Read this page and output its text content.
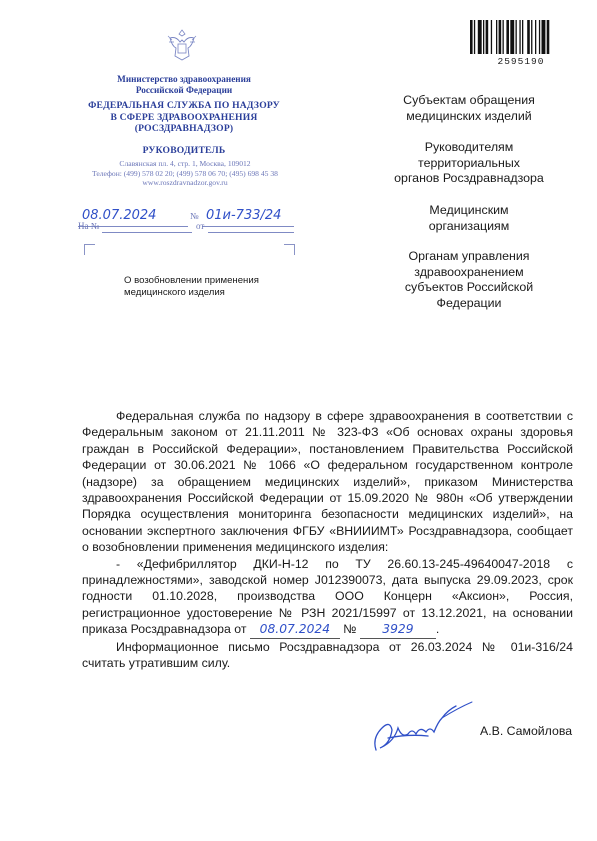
2595190
Министерство здравоохранения
Российской Федерации
ФЕДЕРАЛЬНАЯ СЛУЖБА ПО НАДЗОРУ
В СФЕРЕ ЗДРАВООХРАНЕНИЯ
(РОСЗДРАВНАДЗОР)
РУКОВОДИТЕЛЬ
Славянская пл. 4, стр. 1, Москва, 109012
Телефон: (499) 578 02 20; (499) 578 06 70; (495) 698 45 38
www.roszdravnadzor.gov.ru
08.07.2024	№ 01и-733/24
На №	от
О возобновлении применения
медицинского изделия
Субъектам обращения
медицинских изделий
Руководителям
территориальных
органов Росздравнадзора
Медицинским
организациям
Органам управления
здравоохранением
субъектов Российской
Федерации

Федеральная служба по надзору в сфере здравоохранения в соответствии с Федеральным законом от 21.11.2011 № 323-ФЗ «Об основах охраны здоровья граждан в Российской Федерации», постановлением Правительства Российской Федерации от 30.06.2021 № 1066 «О федеральном государственном контроле (надзоре) за обращением медицинских изделий», приказом Министерства здравоохранения Российской Федерации от 15.09.2020 № 980н «Об утверждении Порядка осуществления мониторинга безопасности медицинских изделий», на основании экспертного заключения ФГБУ «ВНИИИМТ» Росздравнадзора, сообщает о возобновлении применения медицинского изделия:

- «Дефибриллятор ДКИ-Н-12 по ТУ 26.60.13-245-49640047-2018 с принадлежностями», заводской номер J012390073, дата выпуска 29.09.2023, срок годности 01.10.2028, производства ООО Концерн «Аксион», Россия, регистрационное удостоверение № РЗН 2021/15997 от 13.12.2021, на основании приказа Росздравнадзора от 08.07.2024 № 3929 .

Информационное письмо Росздравнадзора от 26.03.2024 № 01и-316/24 считать утратившим силу.

А.В. Самойлова
